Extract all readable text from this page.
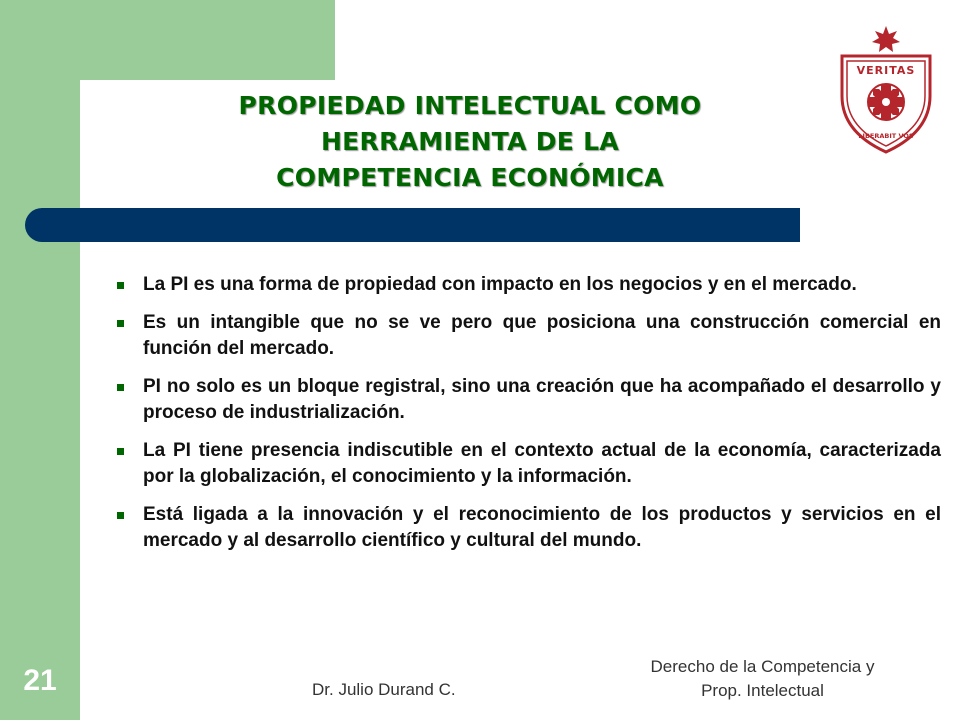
PROPIEDAD INTELECTUAL COMO
HERRAMIENTA DE LA
COMPETENCIA ECONÓMICA
VERITAS
LIBERABIT VOS
La PI es una forma de propiedad con impacto en los negocios y en el mercado.
Es un intangible que no se ve pero que posiciona una construcción comercial en función del mercado.
PI no solo es un bloque registral, sino una creación que ha acompañado el desarrollo y proceso de industrialización.
La PI tiene presencia indiscutible en el contexto actual de la economía, caracterizada por la globalización, el conocimiento y la información.
Está ligada a la innovación y el reconocimiento de los productos y servicios en el mercado y al desarrollo científico y cultural del mundo.
21	Dr. Julio Durand C.
Derecho de la Competencia y
Prop. Intelectual
